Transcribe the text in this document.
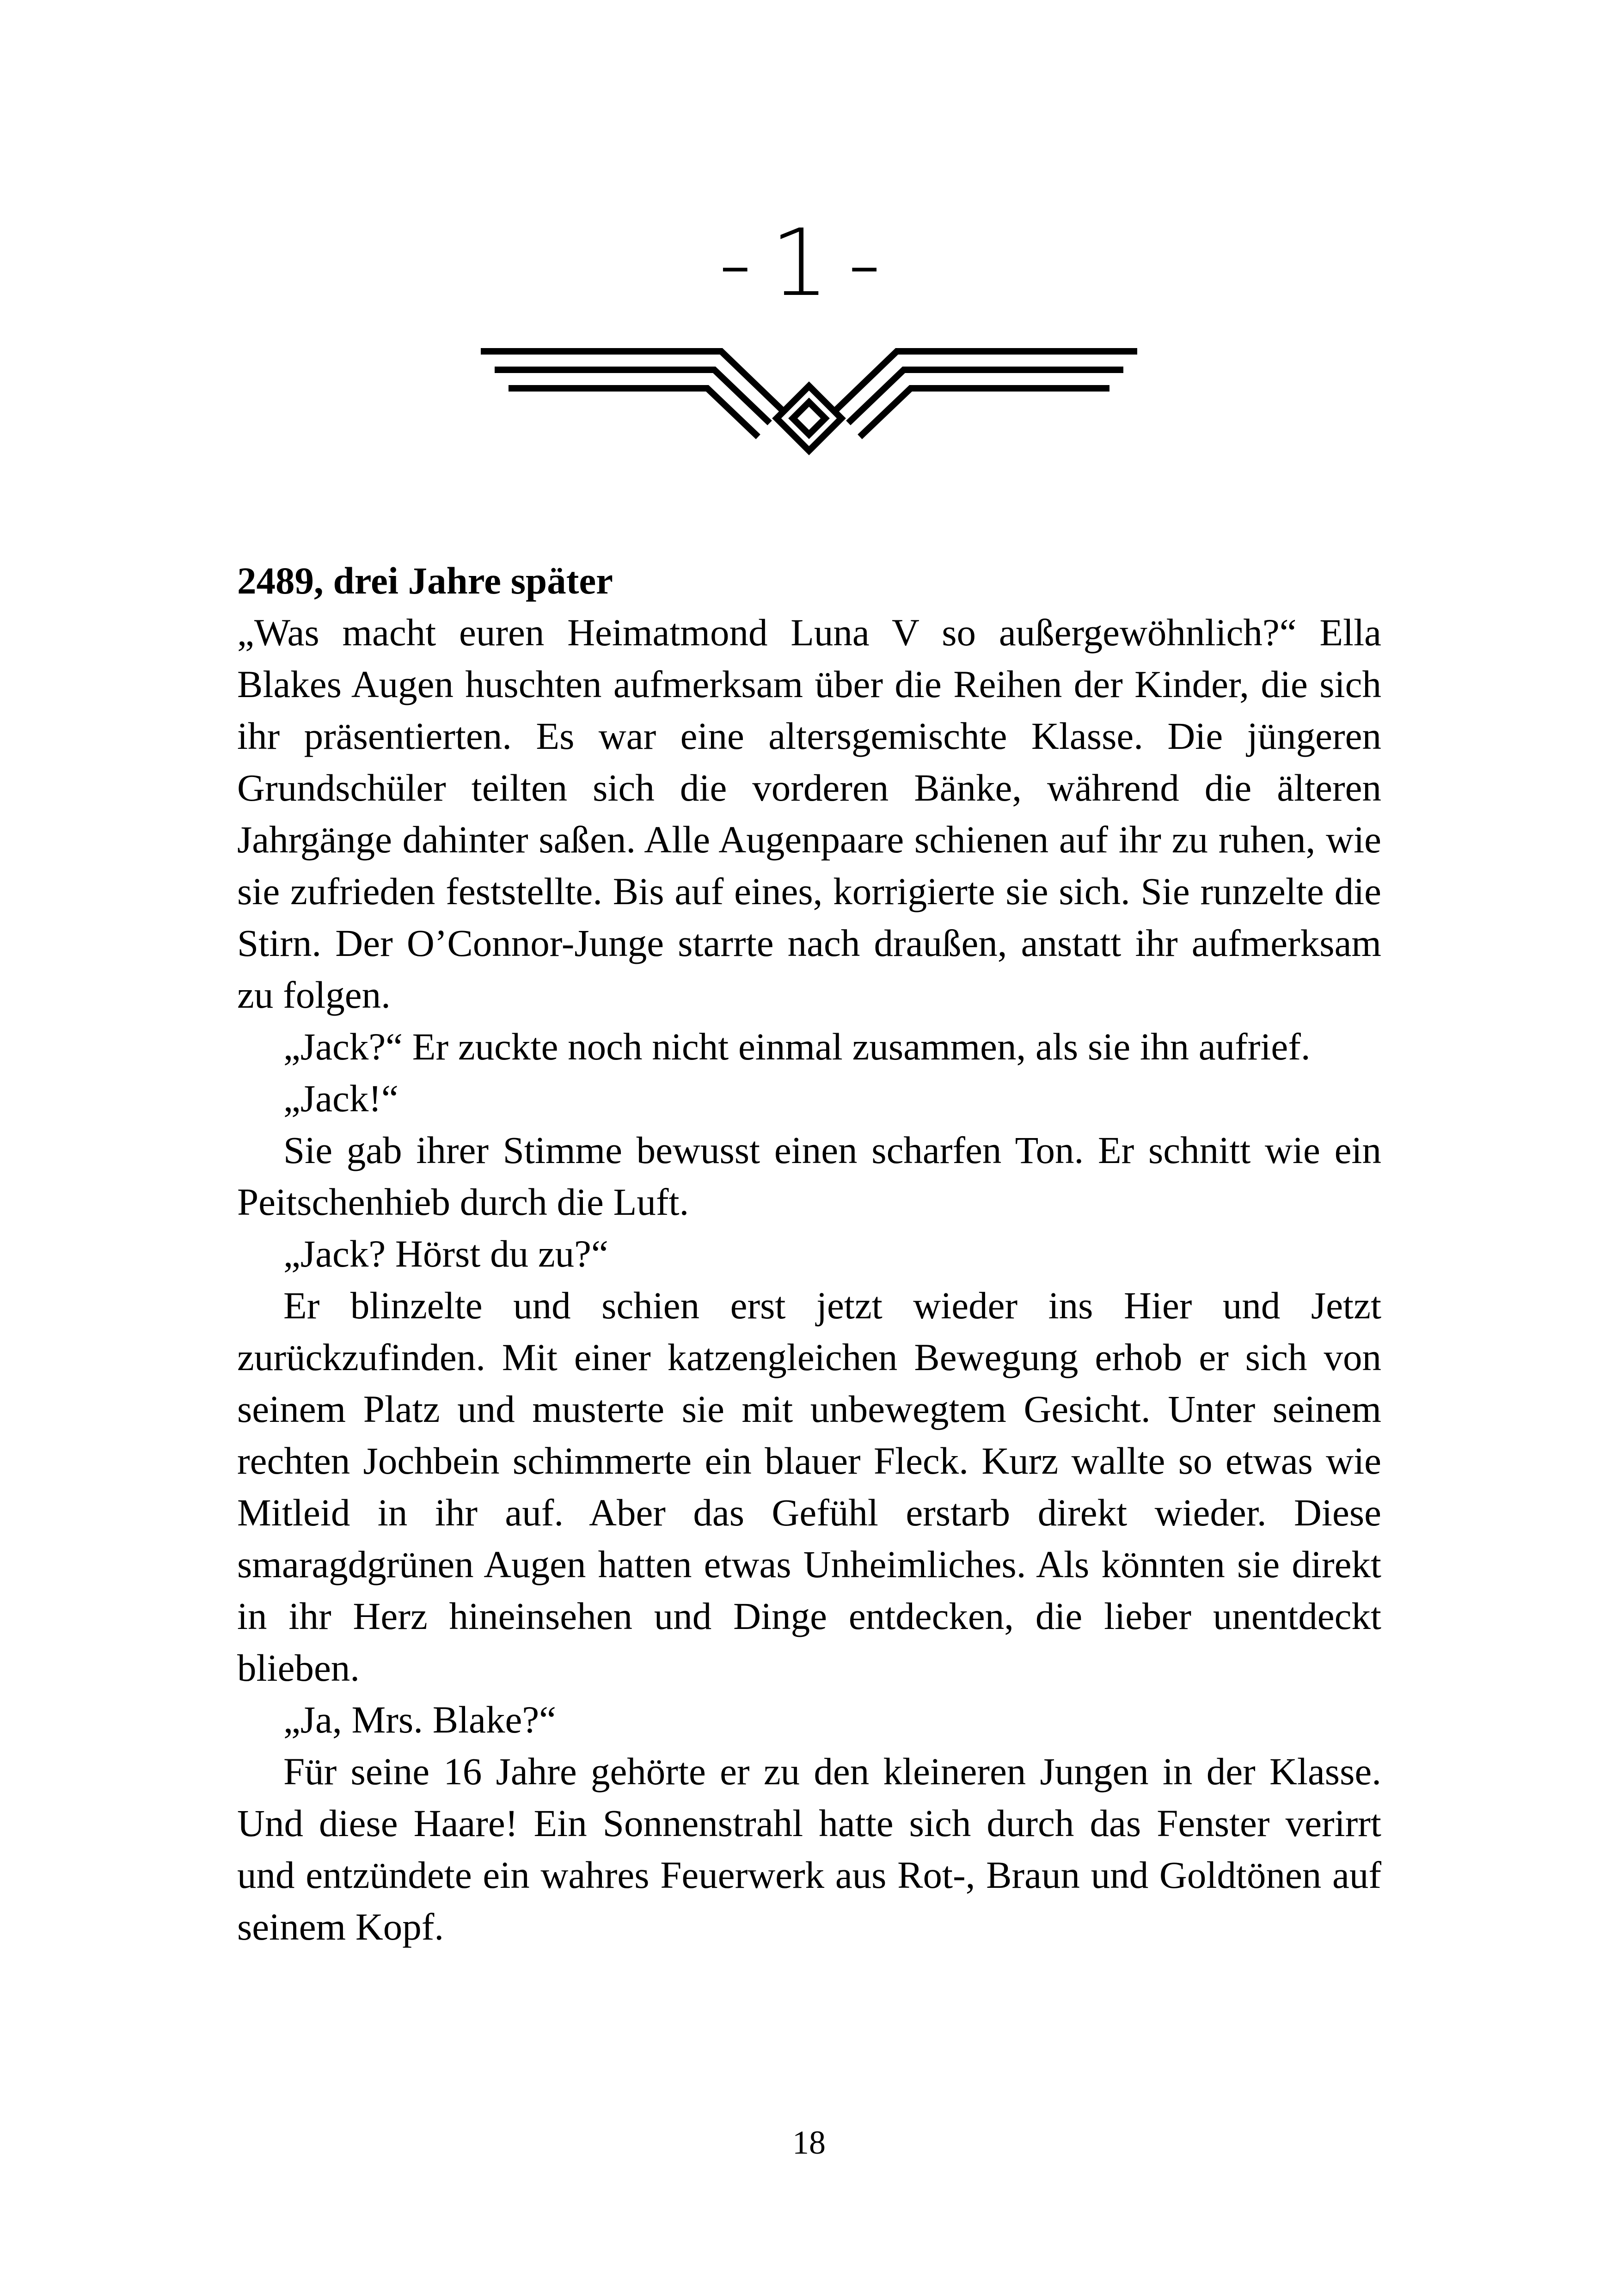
-1-

2489, drei Jahre später

„Was macht euren Heimatmond Luna V so außergewöhnlich?“ Ella Blakes Augen huschten aufmerksam über die Reihen der Kinder, die sich ihr präsentierten. Es war eine altersgemischte Klasse. Die jüngeren Grundschüler teilten sich die vorderen Bänke, während die älteren Jahrgänge dahinter saßen. Alle Augenpaare schienen auf ihr zu ruhen, wie sie zufrieden feststellte. Bis auf eines, korrigierte sie sich. Sie runzelte die Stirn. Der O’Connor-Junge starrte nach draußen, anstatt ihr aufmerksam zu folgen.

„Jack?“ Er zuckte noch nicht einmal zusammen, als sie ihn aufrief.

„Jack!“

Sie gab ihrer Stimme bewusst einen scharfen Ton. Er schnitt wie ein Peitschenhieb durch die Luft.

„Jack? Hörst du zu?“

Er blinzelte und schien erst jetzt wieder ins Hier und Jetzt zurückzufinden. Mit einer katzengleichen Bewegung erhob er sich von seinem Platz und musterte sie mit unbewegtem Gesicht. Unter seinem rechten Jochbein schimmerte ein blauer Fleck. Kurz wallte so etwas wie Mitleid in ihr auf. Aber das Gefühl erstarb direkt wieder. Diese smaragdgrünen Augen hatten etwas Unheimliches. Als könnten sie direkt in ihr Herz hineinsehen und Dinge entdecken, die lieber unentdeckt blieben.

„Ja, Mrs. Blake?“

Für seine 16 Jahre gehörte er zu den kleineren Jungen in der Klasse. Und diese Haare! Ein Sonnenstrahl hatte sich durch das Fenster verirrt und entzündete ein wahres Feuerwerk aus Rot-, Braun und Goldtönen auf seinem Kopf.

18
